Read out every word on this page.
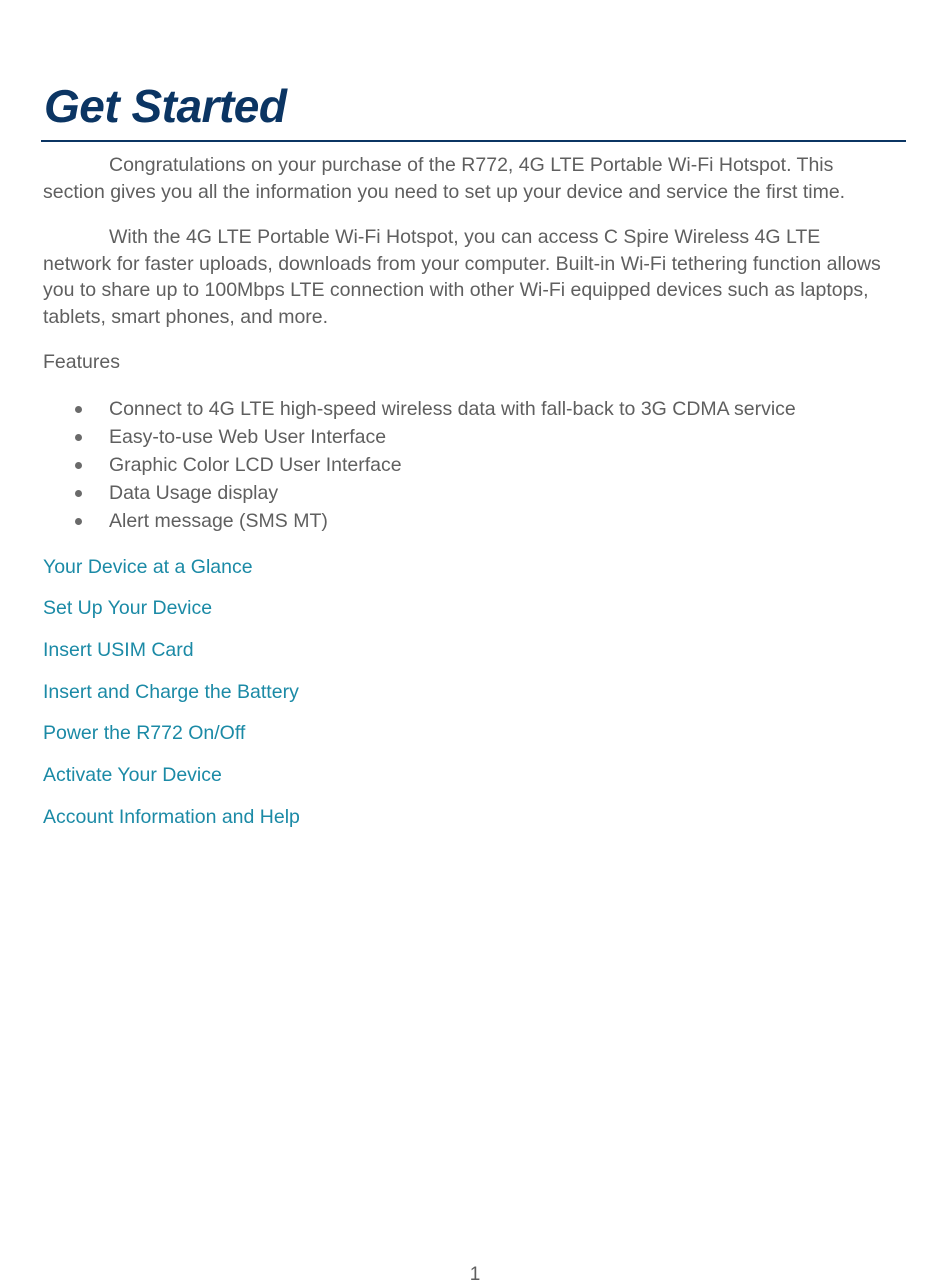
Get Started

Congratulations on your purchase of the R772, 4G LTE Portable Wi-Fi Hotspot. This section gives you all the information you need to set up your device and service the first time.

With the 4G LTE Portable Wi-Fi Hotspot, you can access C Spire Wireless 4G LTE network for faster uploads, downloads from your computer. Built-in Wi-Fi tethering function allows you to share up to 100Mbps LTE connection with other Wi-Fi equipped devices such as laptops, tablets, smart phones, and more.

Features

Connect to 4G LTE high-speed wireless data with fall-back to 3G CDMA service
Easy-to-use Web User Interface
Graphic Color LCD User Interface
Data Usage display
Alert message (SMS MT)
Your Device at a Glance
Set Up Your Device
Insert USIM Card
Insert and Charge the Battery
Power the R772 On/Off
Activate Your Device
Account Information and Help
1
